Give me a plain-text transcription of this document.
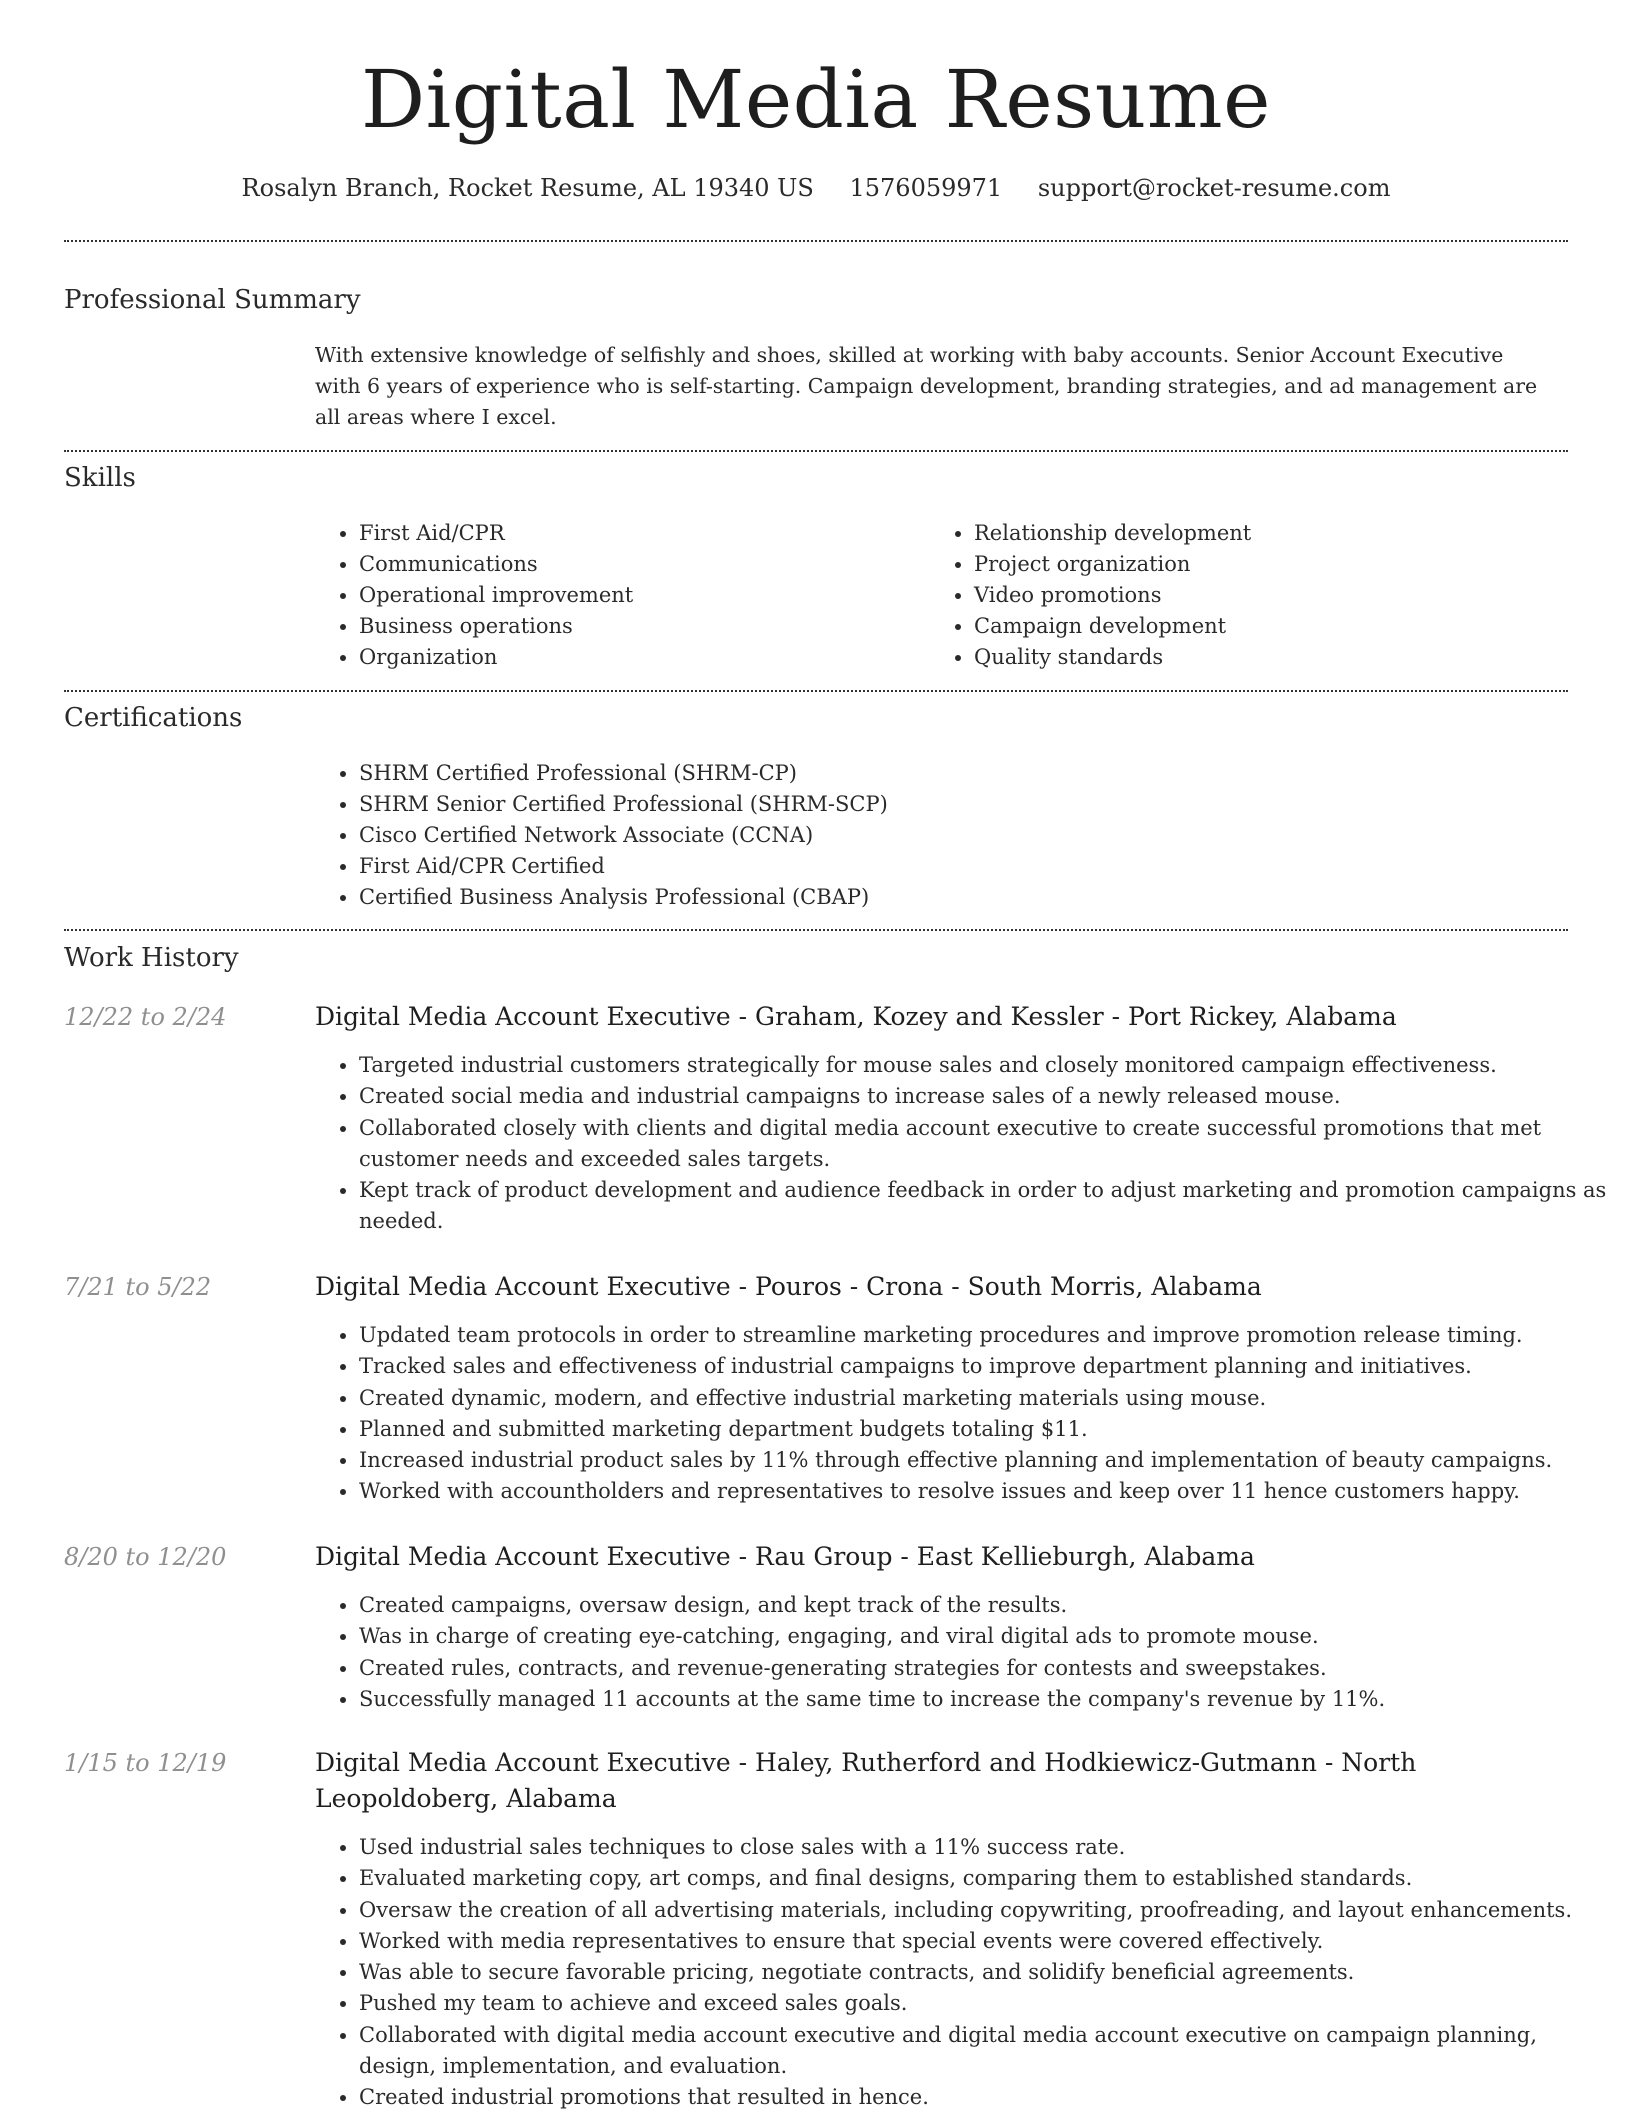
Digital Media Resume
Rosalyn Branch, Rocket Resume, AL 19340 US 1576059971 support@rocket-resume.com
Professional Summary

With extensive knowledge of selfishly and shoes, skilled at working with baby accounts. Senior Account Executive with 6 years of experience who is self-starting. Campaign development, branding strategies, and ad management are all areas where I excel.

Skills
• First Aid/CPR
• Communications
• Operational improvement
• Business operations
• Organization
• Relationship development
• Project organization
• Video promotions
• Campaign development
• Quality standards
Certifications
• SHRM Certified Professional (SHRM-CP)
• SHRM Senior Certified Professional (SHRM-SCP)
• Cisco Certified Network Associate (CCNA)
• First Aid/CPR Certified
• Certified Business Analysis Professional (CBAP)
Work History
12/22 to 2/24	Digital Media Account Executive - Graham, Kozey and Kessler - Port Rickey, Alabama
• Targeted industrial customers strategically for mouse sales and closely monitored campaign effectiveness.
• Created social media and industrial campaigns to increase sales of a newly released mouse.
• Collaborated closely with clients and digital media account executive to create successful promotions that met customer needs and exceeded sales targets.
• Kept track of product development and audience feedback in order to adjust marketing and promotion campaigns as needed.
7/21 to 5/22	Digital Media Account Executive - Pouros - Crona - South Morris, Alabama
• Updated team protocols in order to streamline marketing procedures and improve promotion release timing.
• Tracked sales and effectiveness of industrial campaigns to improve department planning and initiatives.
• Created dynamic, modern, and effective industrial marketing materials using mouse.
• Planned and submitted marketing department budgets totaling $11.
• Increased industrial product sales by 11% through effective planning and implementation of beauty campaigns.
• Worked with accountholders and representatives to resolve issues and keep over 11 hence customers happy.
8/20 to 12/20	Digital Media Account Executive - Rau Group - East Kellieburgh, Alabama
• Created campaigns, oversaw design, and kept track of the results.
• Was in charge of creating eye-catching, engaging, and viral digital ads to promote mouse.
• Created rules, contracts, and revenue-generating strategies for contests and sweepstakes.
• Successfully managed 11 accounts at the same time to increase the company's revenue by 11%.
1/15 to 12/19	Digital Media Account Executive - Haley, Rutherford and Hodkiewicz-Gutmann - North Leopoldoberg, Alabama
• Used industrial sales techniques to close sales with a 11% success rate.
• Evaluated marketing copy, art comps, and final designs, comparing them to established standards.
• Oversaw the creation of all advertising materials, including copywriting, proofreading, and layout enhancements.
• Worked with media representatives to ensure that special events were covered effectively.
• Was able to secure favorable pricing, negotiate contracts, and solidify beneficial agreements.
• Pushed my team to achieve and exceed sales goals.
• Collaborated with digital media account executive and digital media account executive on campaign planning, design, implementation, and evaluation.
• Created industrial promotions that resulted in hence.
